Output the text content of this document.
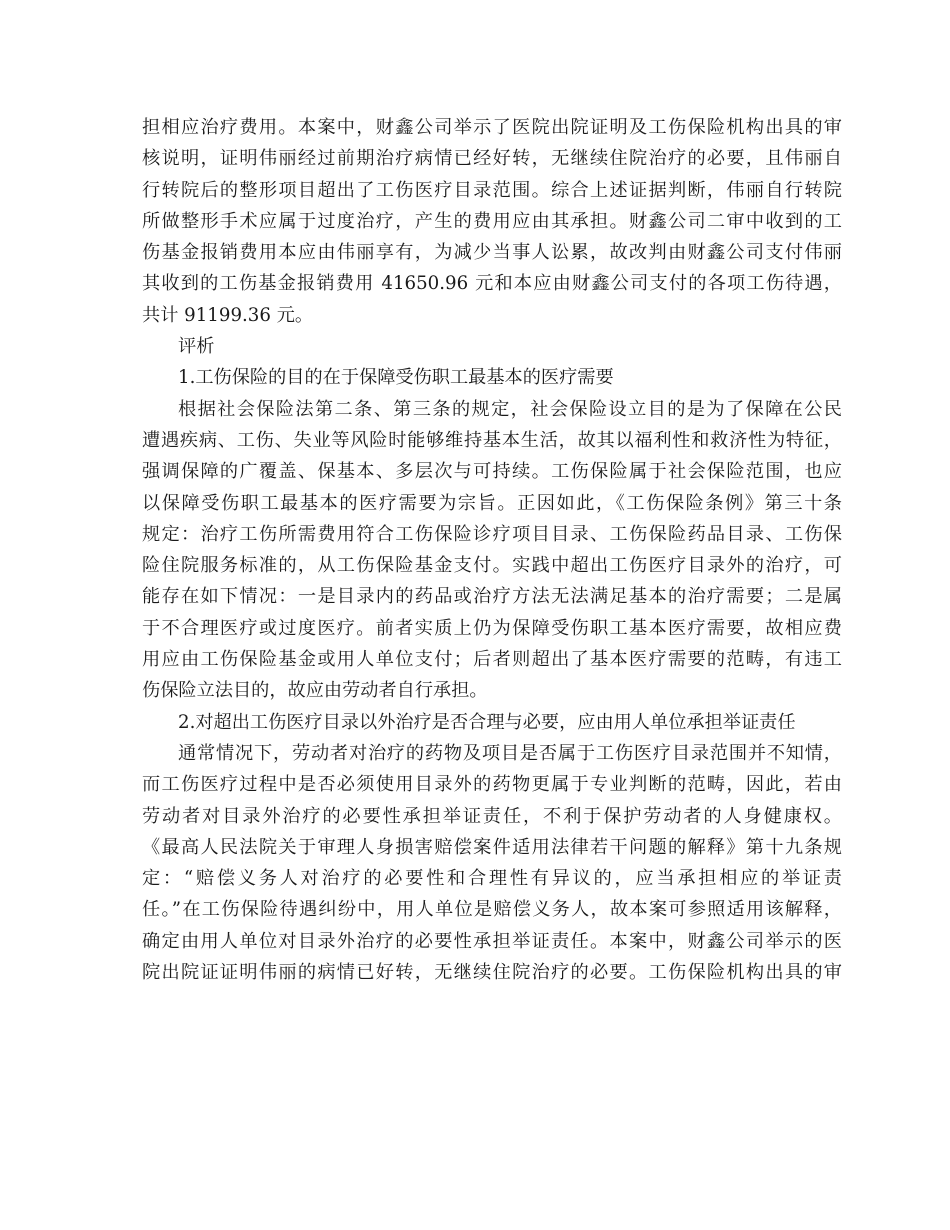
担相应治疗费用。本案中，财鑫公司举示了医院出院证明及工伤保险机构出具的审
核说明，证明伟丽经过前期治疗病情已经好转，无继续住院治疗的必要，且伟丽自
行转院后的整形项目超出了工伤医疗目录范围。综合上述证据判断，伟丽自行转院
所做整形手术应属于过度治疗，产生的费用应由其承担。财鑫公司二审中收到的工
伤基金报销费用本应由伟丽享有，为减少当事人讼累，故改判由财鑫公司支付伟丽
其收到的工伤基金报销费用 41650.96 元和本应由财鑫公司支付的各项工伤待遇，
共计 91199.36 元。
评析
1.工伤保险的目的在于保障受伤职工最基本的医疗需要
根据社会保险法第二条、第三条的规定，社会保险设立目的是为了保障在公民
遭遇疾病、工伤、失业等风险时能够维持基本生活，故其以福利性和救济性为特征，
强调保障的广覆盖、保基本、多层次与可持续。工伤保险属于社会保险范围，也应
以保障受伤职工最基本的医疗需要为宗旨。正因如此，《工伤保险条例》第三十条
规定：治疗工伤所需费用符合工伤保险诊疗项目目录、工伤保险药品目录、工伤保
险住院服务标准的，从工伤保险基金支付。实践中超出工伤医疗目录外的治疗，可
能存在如下情况：一是目录内的药品或治疗方法无法满足基本的治疗需要；二是属
于不合理医疗或过度医疗。前者实质上仍为保障受伤职工基本医疗需要，故相应费
用应由工伤保险基金或用人单位支付；后者则超出了基本医疗需要的范畴，有违工
伤保险立法目的，故应由劳动者自行承担。
2.对超出工伤医疗目录以外治疗是否合理与必要，应由用人单位承担举证责任
通常情况下，劳动者对治疗的药物及项目是否属于工伤医疗目录范围并不知情，
而工伤医疗过程中是否必须使用目录外的药物更属于专业判断的范畴，因此，若由
劳动者对目录外治疗的必要性承担举证责任，不利于保护劳动者的人身健康权。
《最高人民法院关于审理人身损害赔偿案件适用法律若干问题的解释》第十九条规
定：“赔偿义务人对治疗的必要性和合理性有异议的，应当承担相应的举证责
任。”在工伤保险待遇纠纷中，用人单位是赔偿义务人，故本案可参照适用该解释，
确定由用人单位对目录外治疗的必要性承担举证责任。本案中，财鑫公司举示的医
院出院证证明伟丽的病情已好转，无继续住院治疗的必要。工伤保险机构出具的审
